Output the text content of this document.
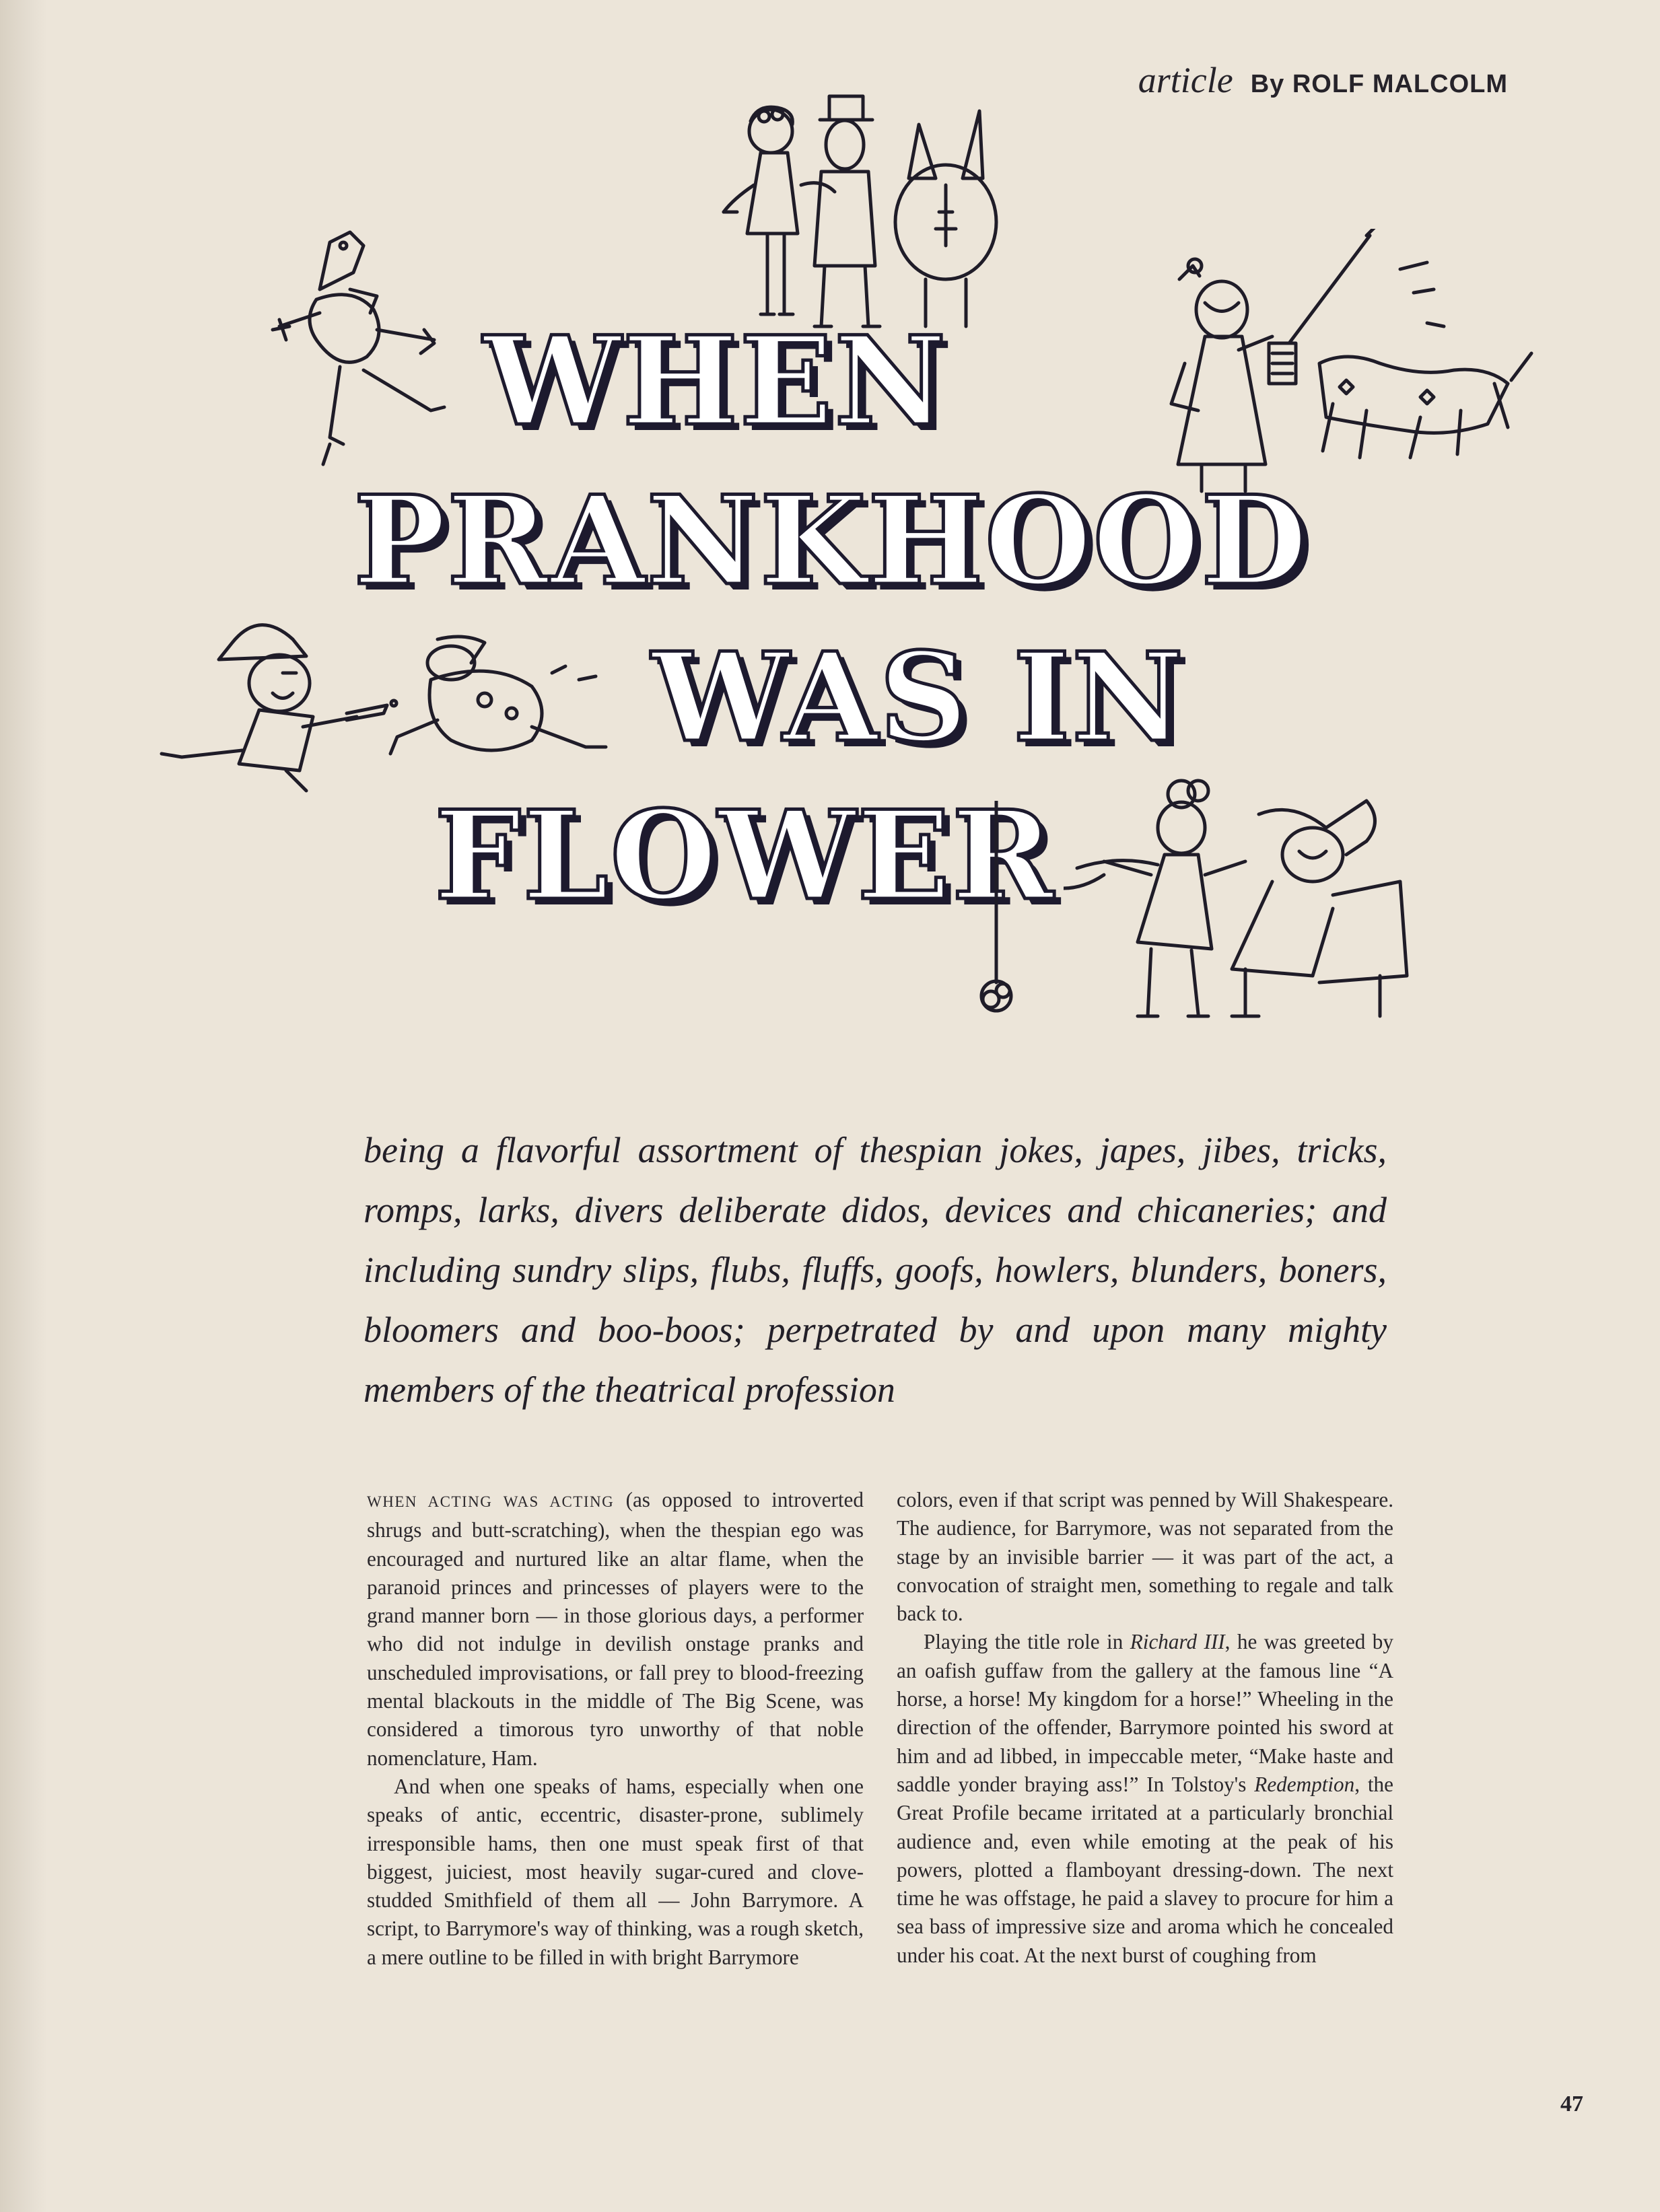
article By ROLF MALCOLM
WHEN
PRANKHOOD
WAS IN
FLOWER

being a flavorful assortment of thespian jokes, japes, jibes, tricks, romps, larks, divers deliberate didos, devices and chicaneries; and including sundry slips, flubs, fluffs, goofs, howlers, blunders, boners, bloomers and boo-boos; perpetrated by and upon many mighty members of the theatrical profession

WHEN ACTING WAS ACTING (as opposed to introverted shrugs and butt-scratching), when the thespian ego was encouraged and nurtured like an altar flame, when the paranoid princes and princesses of players were to the grand manner born — in those glorious days, a performer who did not indulge in devilish onstage pranks and unscheduled improvisations, or fall prey to blood-freezing mental blackouts in the middle of The Big Scene, was considered a timorous tyro unworthy of that noble nomenclature, Ham.

And when one speaks of hams, especially when one speaks of antic, eccentric, disaster-prone, sublimely irresponsible hams, then one must speak first of that biggest, juiciest, most heavily sugar-cured and clove-studded Smithfield of them all — John Barrymore. A script, to Barrymore's way of thinking, was a rough sketch, a mere outline to be filled in with bright Barrymore

colors, even if that script was penned by Will Shakespeare. The audience, for Barrymore, was not separated from the stage by an invisible barrier — it was part of the act, a convocation of straight men, something to regale and talk back to.

Playing the title role in Richard III, he was greeted by an oafish guffaw from the gallery at the famous line “A horse, a horse! My kingdom for a horse!” Wheeling in the direction of the offender, Barrymore pointed his sword at him and ad libbed, in impeccable meter, “Make haste and saddle yonder braying ass!” In Tolstoy's Redemption, the Great Profile became irritated at a particularly bronchial audience and, even while emoting at the peak of his powers, plotted a flamboyant dressing-down. The next time he was offstage, he paid a slavey to procure for him a sea bass of impressive size and aroma which he concealed under his coat. At the next burst of coughing from

47
